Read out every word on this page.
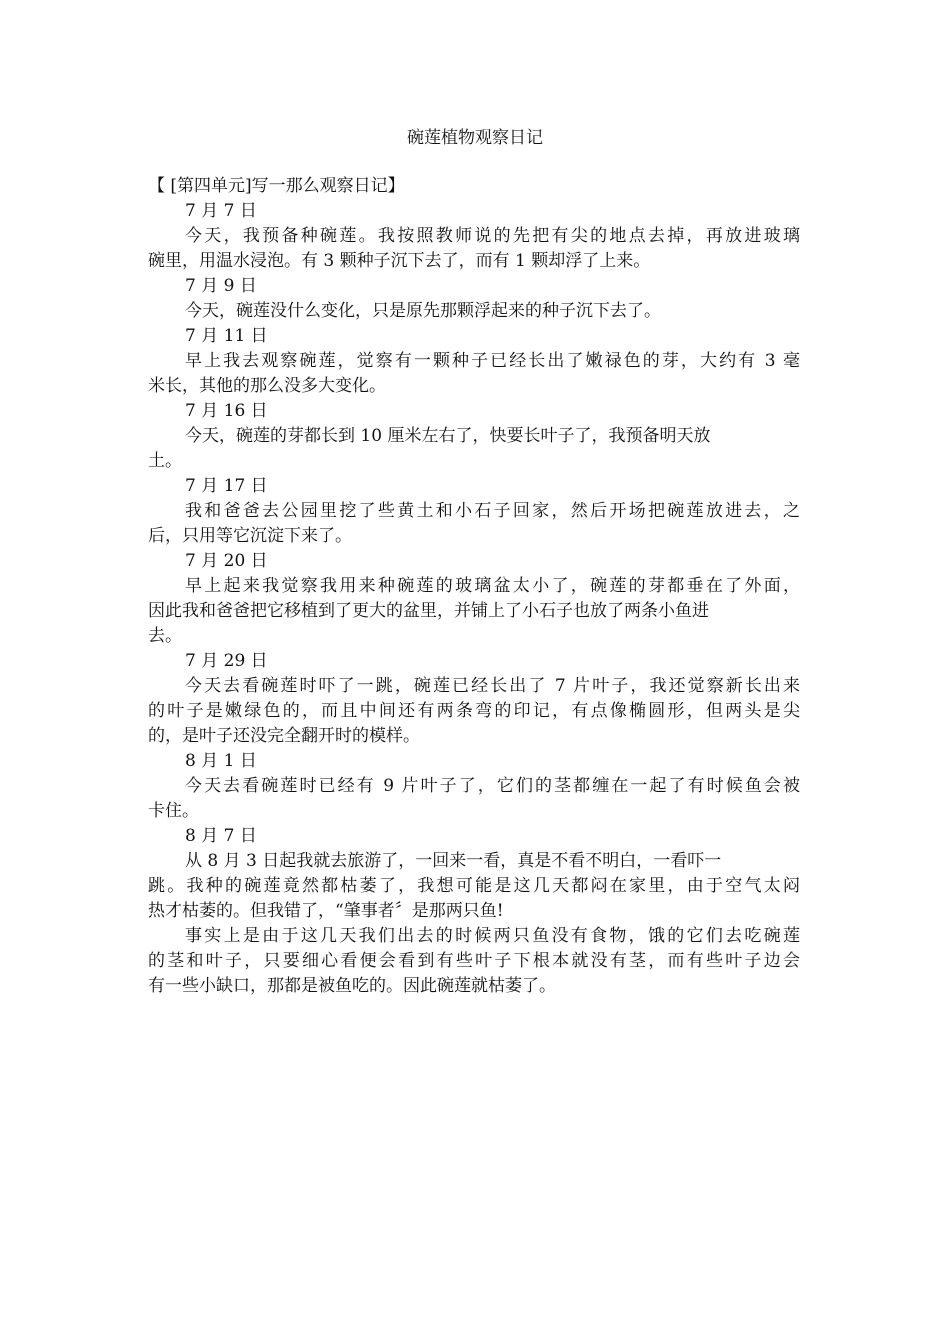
碗莲植物观察日记

【 [第四单元]写一那么观察日记】

7 月 7 日

今天，我预备种碗莲。我按照教师说的先把有尖的地点去掉，再放进玻璃

碗里，用温水浸泡。有 3 颗种子沉下去了，而有 1 颗却浮了上来。

7 月 9 日

今天，碗莲没什么变化，只是原先那颗浮起来的种子沉下去了。

7 月 11 日

早上我去观察碗莲，觉察有一颗种子已经长出了嫩禄色的芽，大约有 3 毫

米长，其他的那么没多大变化。

7 月 16 日

今天，碗莲的芽都长到 10 厘米左右了，快要长叶子了，我预备明天放

土。

7 月 17 日

我和爸爸去公园里挖了些黄土和小石子回家，然后开场把碗莲放进去，之

后，只用等它沉淀下来了。

7 月 20 日

早上起来我觉察我用来种碗莲的玻璃盆太小了，碗莲的芽都垂在了外面，

因此我和爸爸把它移植到了更大的盆里，并铺上了小石子也放了两条小鱼进

去。

7 月 29 日

今天去看碗莲时吓了一跳，碗莲已经长出了 7 片叶子，我还觉察新长出来

的叶子是嫩绿色的，而且中间还有两条弯的印记，有点像椭圆形，但两头是尖

的，是叶子还没完全翻开时的模样。

8 月 1 日

今天去看碗莲时已经有 9 片叶子了，它们的茎都缠在一起了有时候鱼会被

卡住。

8 月 7 日

从 8 月 3 日起我就去旅游了，一回来一看，真是不看不明白，一看吓一

跳。我种的碗莲竟然都枯萎了，我想可能是这几天都闷在家里，由于空气太闷

热才枯萎的。但我错了，“肇事者〞是那两只鱼!

事实上是由于这几天我们出去的时候两只鱼没有食物，饿的它们去吃碗莲

的茎和叶子，只要细心看便会看到有些叶子下根本就没有茎，而有些叶子边会

有一些小缺口，那都是被鱼吃的。因此碗莲就枯萎了。
